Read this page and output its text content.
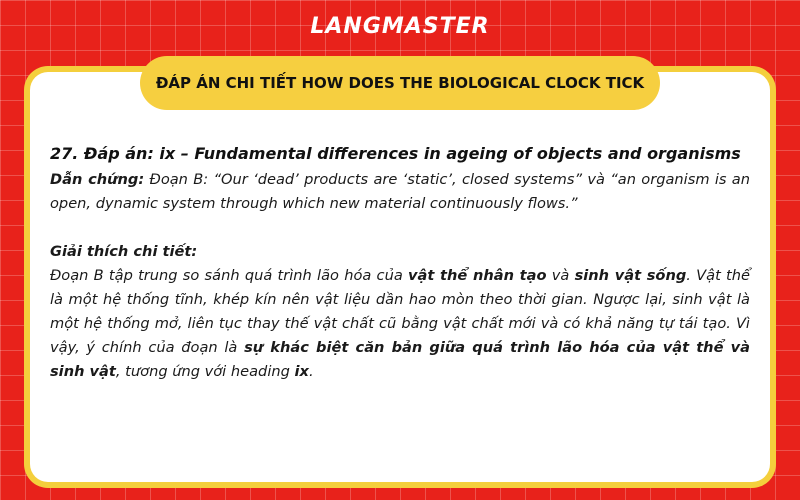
LANGMASTER
ĐÁP ÁN CHI TIẾT HOW DOES THE BIOLOGICAL CLOCK TICK

27. Đáp án: ix – Fundamental differences in ageing of objects and organisms

Dẫn chứng: Đoạn B: “Our ‘dead’ products are ‘static’, closed systems” và “an organism is an open, dynamic system through which new material continuously flows.”

Giải thích chi tiết:

Đoạn B tập trung so sánh quá trình lão hóa của vật thể nhân tạo và sinh vật sống. Vật thể là một hệ thống tĩnh, khép kín nên vật liệu dần hao mòn theo thời gian. Ngược lại, sinh vật là một hệ thống mở, liên tục thay thế vật chất cũ bằng vật chất mới và có khả năng tự tái tạo. Vì vậy, ý chính của đoạn là sự khác biệt căn bản giữa quá trình lão hóa của vật thể và sinh vật, tương ứng với heading ix.
